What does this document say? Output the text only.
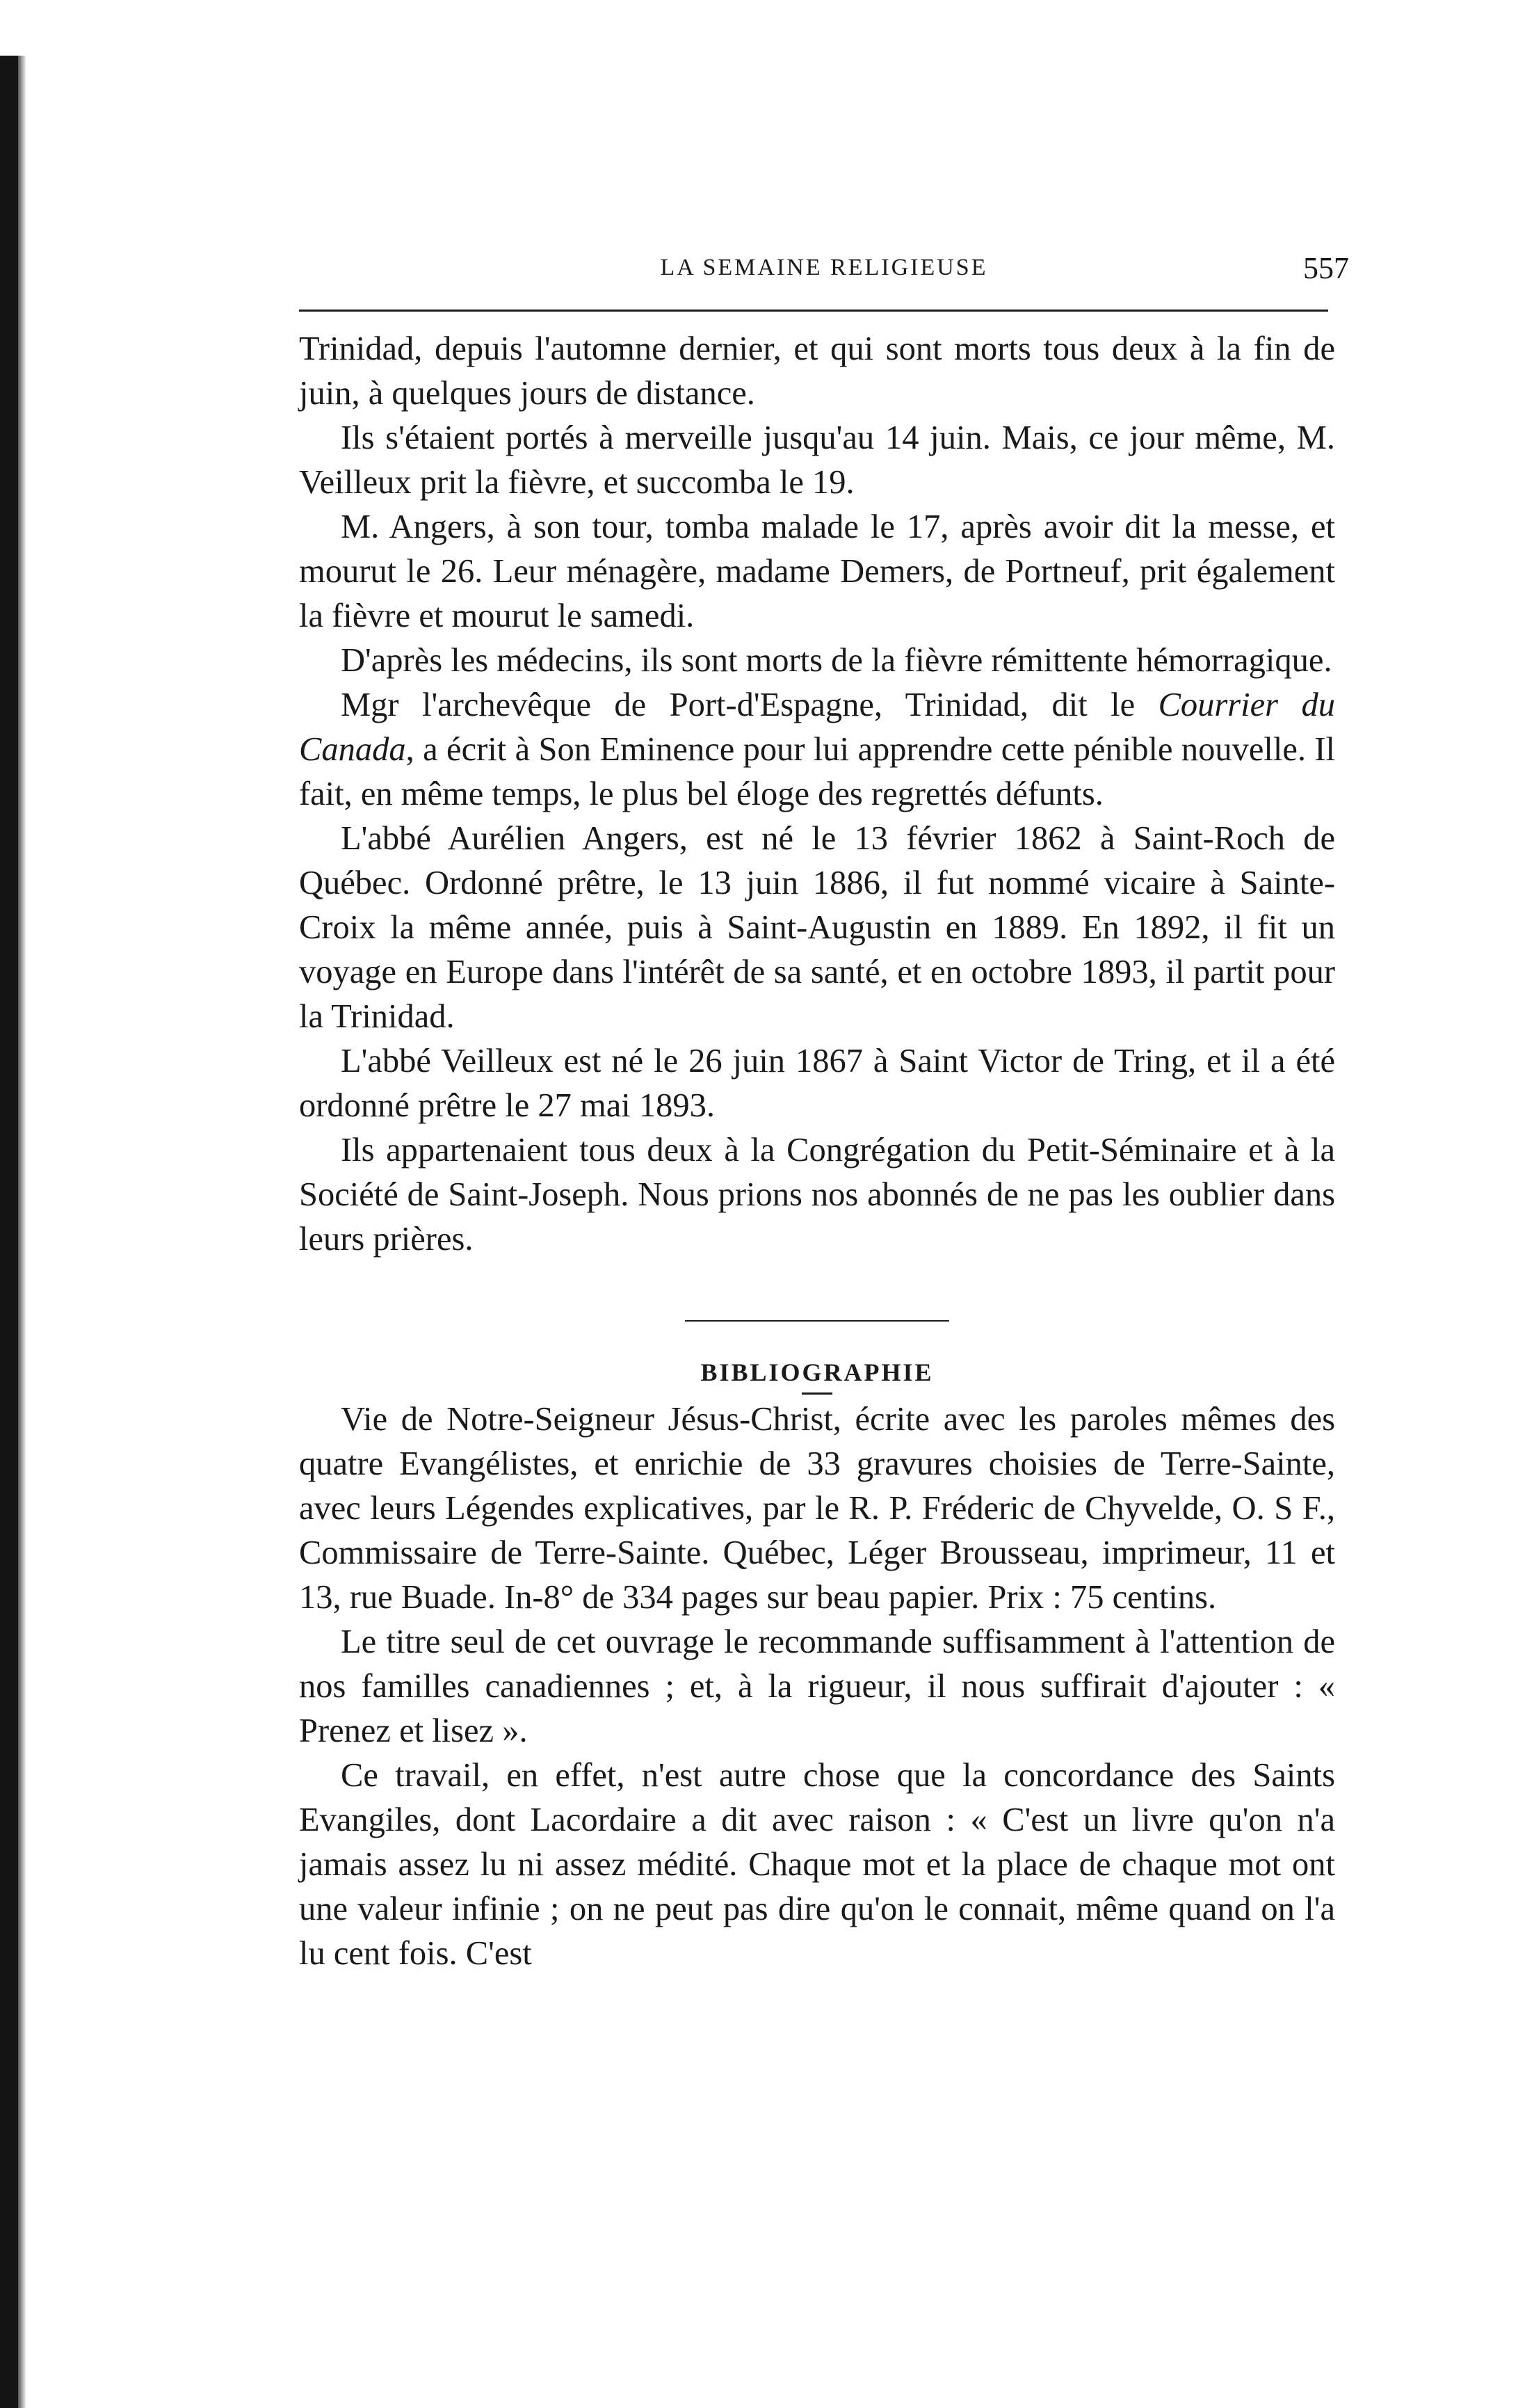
LA SEMAINE RELIGIEUSE	557

Trinidad, depuis l'automne dernier, et qui sont morts tous deux à la fin de juin, à quelques jours de distance.

Ils s'étaient portés à merveille jusqu'au 14 juin. Mais, ce jour même, M. Veilleux prit la fièvre, et succomba le 19.

M. Angers, à son tour, tomba malade le 17, après avoir dit la messe, et mourut le 26. Leur ménagère, madame Demers, de Portneuf, prit également la fièvre et mourut le samedi.

D'après les médecins, ils sont morts de la fièvre rémittente hémorragique.

Mgr l'archevêque de Port-d'Espagne, Trinidad, dit le Courrier du Canada, a écrit à Son Eminence pour lui apprendre cette pénible nouvelle. Il fait, en même temps, le plus bel éloge des regrettés défunts.

L'abbé Aurélien Angers, est né le 13 février 1862 à Saint-Roch de Québec. Ordonné prêtre, le 13 juin 1886, il fut nommé vicaire à Sainte-Croix la même année, puis à Saint-Augustin en 1889. En 1892, il fit un voyage en Europe dans l'intérêt de sa santé, et en octobre 1893, il partit pour la Trinidad.

L'abbé Veilleux est né le 26 juin 1867 à Saint Victor de Tring, et il a été ordonné prêtre le 27 mai 1893.

Ils appartenaient tous deux à la Congrégation du Petit-Séminaire et à la Société de Saint-Joseph. Nous prions nos abonnés de ne pas les oublier dans leurs prières.

BIBLIOGRAPHIE

Vie de Notre-Seigneur Jésus-Christ, écrite avec les paroles mêmes des quatre Evangélistes, et enrichie de 33 gravures choisies de Terre-Sainte, avec leurs Légendes explicatives, par le R. P. Fréderic de Chyvelde, O. S F., Commissaire de Terre-Sainte. Québec, Léger Brousseau, imprimeur, 11 et 13, rue Buade. In-8° de 334 pages sur beau papier. Prix : 75 centins.

Le titre seul de cet ouvrage le recommande suffisamment à l'attention de nos familles canadiennes ; et, à la rigueur, il nous suffirait d'ajouter : « Prenez et lisez ».

Ce travail, en effet, n'est autre chose que la concordance des Saints Evangiles, dont Lacordaire a dit avec raison : « C'est un livre qu'on n'a jamais assez lu ni assez médité. Chaque mot et la place de chaque mot ont une valeur infinie ; on ne peut pas dire qu'on le connait, même quand on l'a lu cent fois. C'est
